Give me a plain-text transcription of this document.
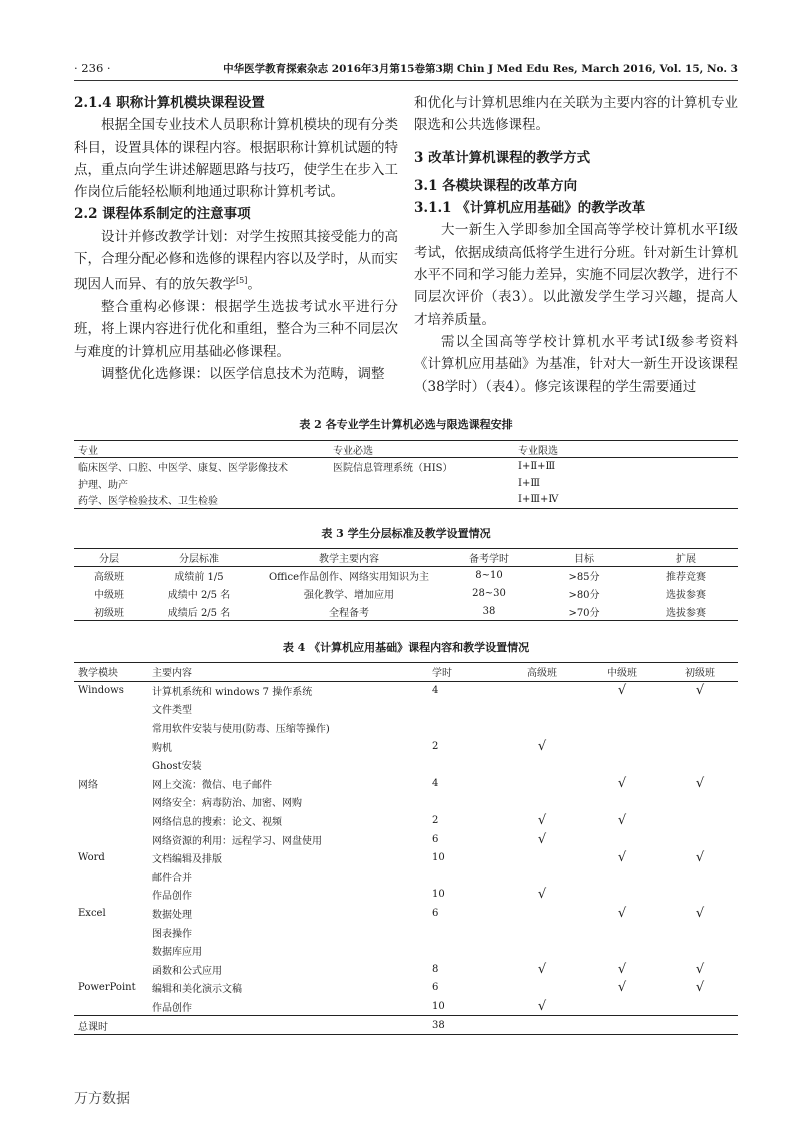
· 236 ·	中华医学教育探索杂志 2016年3月第15卷第3期 Chin J Med Edu Res, March 2016, Vol. 15, No. 3

2.1.4 职称计算机模块课程设置

根据全国专业技术人员职称计算机模块的现有分类科目，设置具体的课程内容。根据职称计算机试题的特点，重点向学生讲述解题思路与技巧，使学生在步入工作岗位后能轻松顺利地通过职称计算机考试。

2.2 课程体系制定的注意事项

设计并修改教学计划：对学生按照其接受能力的高下，合理分配必修和选修的课程内容以及学时，从而实现因人而异、有的放矢教学[5]。

整合重构必修课：根据学生选拔考试水平进行分班，将上课内容进行优化和重组，整合为三种不同层次与难度的计算机应用基础必修课程。

调整优化选修课：以医学信息技术为范畴，调整

和优化与计算机思维内在关联为主要内容的计算机专业限选和公共选修课程。

3 改革计算机课程的教学方式

3.1 各模块课程的改革方向

3.1.1 《计算机应用基础》的教学改革

大一新生入学即参加全国高等学校计算机水平Ⅰ级考试，依据成绩高低将学生进行分班。针对新生计算机水平不同和学习能力差异，实施不同层次教学，进行不同层次评价（表3）。以此激发学生学习兴趣，提高人才培养质量。

需以全国高等学校计算机水平考试Ⅰ级参考资料《计算机应用基础》为基准，针对大一新生开设该课程（38学时）（表4）。修完该课程的学生需要通过

表 2 各专业学生计算机必选与限选课程安排
专业	专业必选	专业限选
临床医学、口腔、中医学、康复、医学影像技术	医院信息管理系统（HIS）	Ⅰ+Ⅱ+Ⅲ
护理、助产		Ⅰ+Ⅲ
药学、医学检验技术、卫生检验		Ⅰ+Ⅲ+Ⅳ
表 3 学生分层标准及教学设置情况
分层	分层标准	教学主要内容	备考学时	目标	扩展
高级班	成绩前 1/5	Office作品创作、网络实用知识为主	8~10	>85分	推荐竞赛
中级班	成绩中 2/5 名	强化教学、增加应用	28~30	>80分	选拔参赛
初级班	成绩后 2/5 名	全程备考	38	>70分	选拔参赛
表 4 《计算机应用基础》课程内容和教学设置情况
教学模块	主要内容	学时	高级班	中级班	初级班
Windows	计算机系统和 windows 7 操作系统	4		√	√
	文件类型				
	常用软件安装与使用(防毒、压缩等操作)				
	购机	2	√		
	Ghost安装				
网络	网上交流：微信、电子邮件	4		√	√
	网络安全：病毒防治、加密、网购				
	网络信息的搜索：论文、视频	2	√	√	
	网络资源的利用：远程学习、网盘使用	6	√		
Word	文档编辑及排版	10		√	√
	邮件合并				
	作品创作	10	√		
Excel	数据处理	6		√	√
	图表操作				
	数据库应用				
	函数和公式应用	8	√	√	√
PowerPoint	编辑和美化演示文稿	6		√	√
	作品创作	10	√		
总课时		38			
万方数据
